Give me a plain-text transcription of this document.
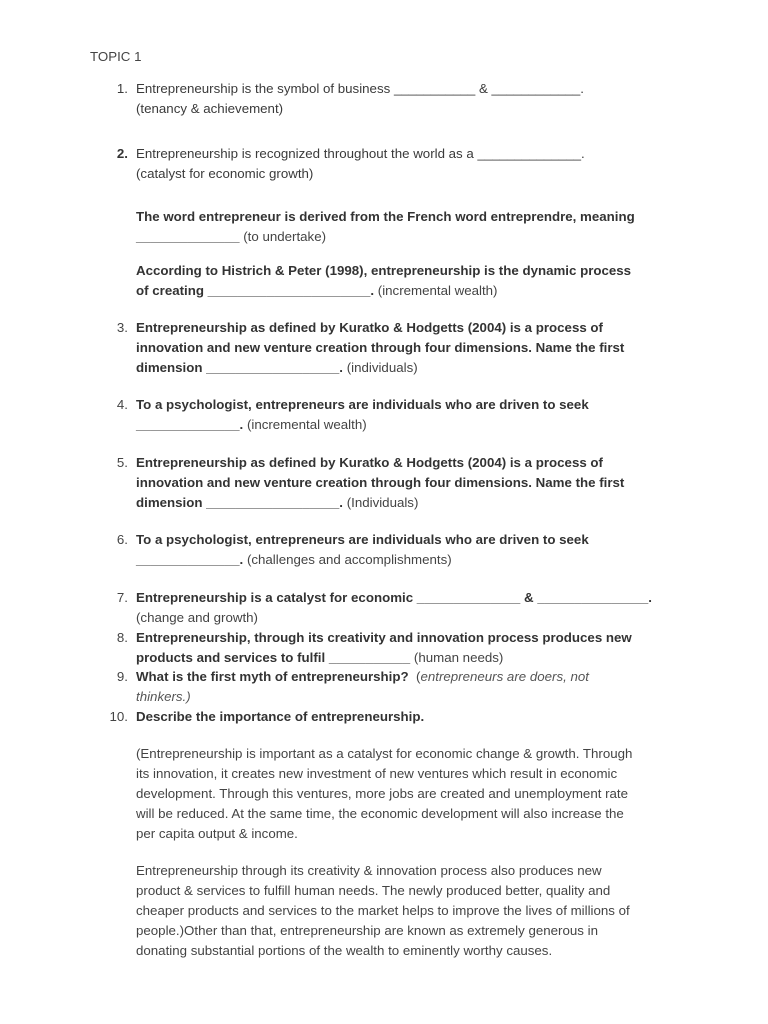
TOPIC 1
1. Entrepreneurship is the symbol of business ___________ & ____________.
(tenancy & achievement)
2. Entrepreneurship is recognized throughout the world as a ______________.
(catalyst for economic growth)
The word entrepreneur is derived from the French word entreprendre, meaning
______________ (to undertake)
According to Histrich & Peter (1998), entrepreneurship is the dynamic process
of creating ______________________. (incremental wealth)
3. Entrepreneurship as defined by Kuratko & Hodgetts (2004) is a process of
innovation and new venture creation through four dimensions. Name the first
dimension __________________. (individuals)
4. To a psychologist, entrepreneurs are individuals who are driven to seek
______________. (incremental wealth)
5. Entrepreneurship as defined by Kuratko & Hodgetts (2004) is a process of
innovation and new venture creation through four dimensions. Name the first
dimension __________________. (Individuals)
6. To a psychologist, entrepreneurs are individuals who are driven to seek
______________. (challenges and accomplishments)
7. Entrepreneurship is a catalyst for economic ______________ & _______________.
(change and growth)
8. Entrepreneurship, through its creativity and innovation process produces new
products and services to fulfil ___________ (human needs)
9. What is the first myth of entrepreneurship? (entrepreneurs are doers, not
thinkers.)
10. Describe the importance of entrepreneurship.
(Entrepreneurship is important as a catalyst for economic change & growth. Through
its innovation, it creates new investment of new ventures which result in economic
development. Through this ventures, more jobs are created and unemployment rate
will be reduced. At the same time, the economic development will also increase the
per capita output & income.
Entrepreneurship through its creativity & innovation process also produces new
product & services to fulfill human needs. The newly produced better, quality and
cheaper products and services to the market helps to improve the lives of millions of
people.)Other than that, entrepreneurship are known as extremely generous in
donating substantial portions of the wealth to eminently worthy causes.
